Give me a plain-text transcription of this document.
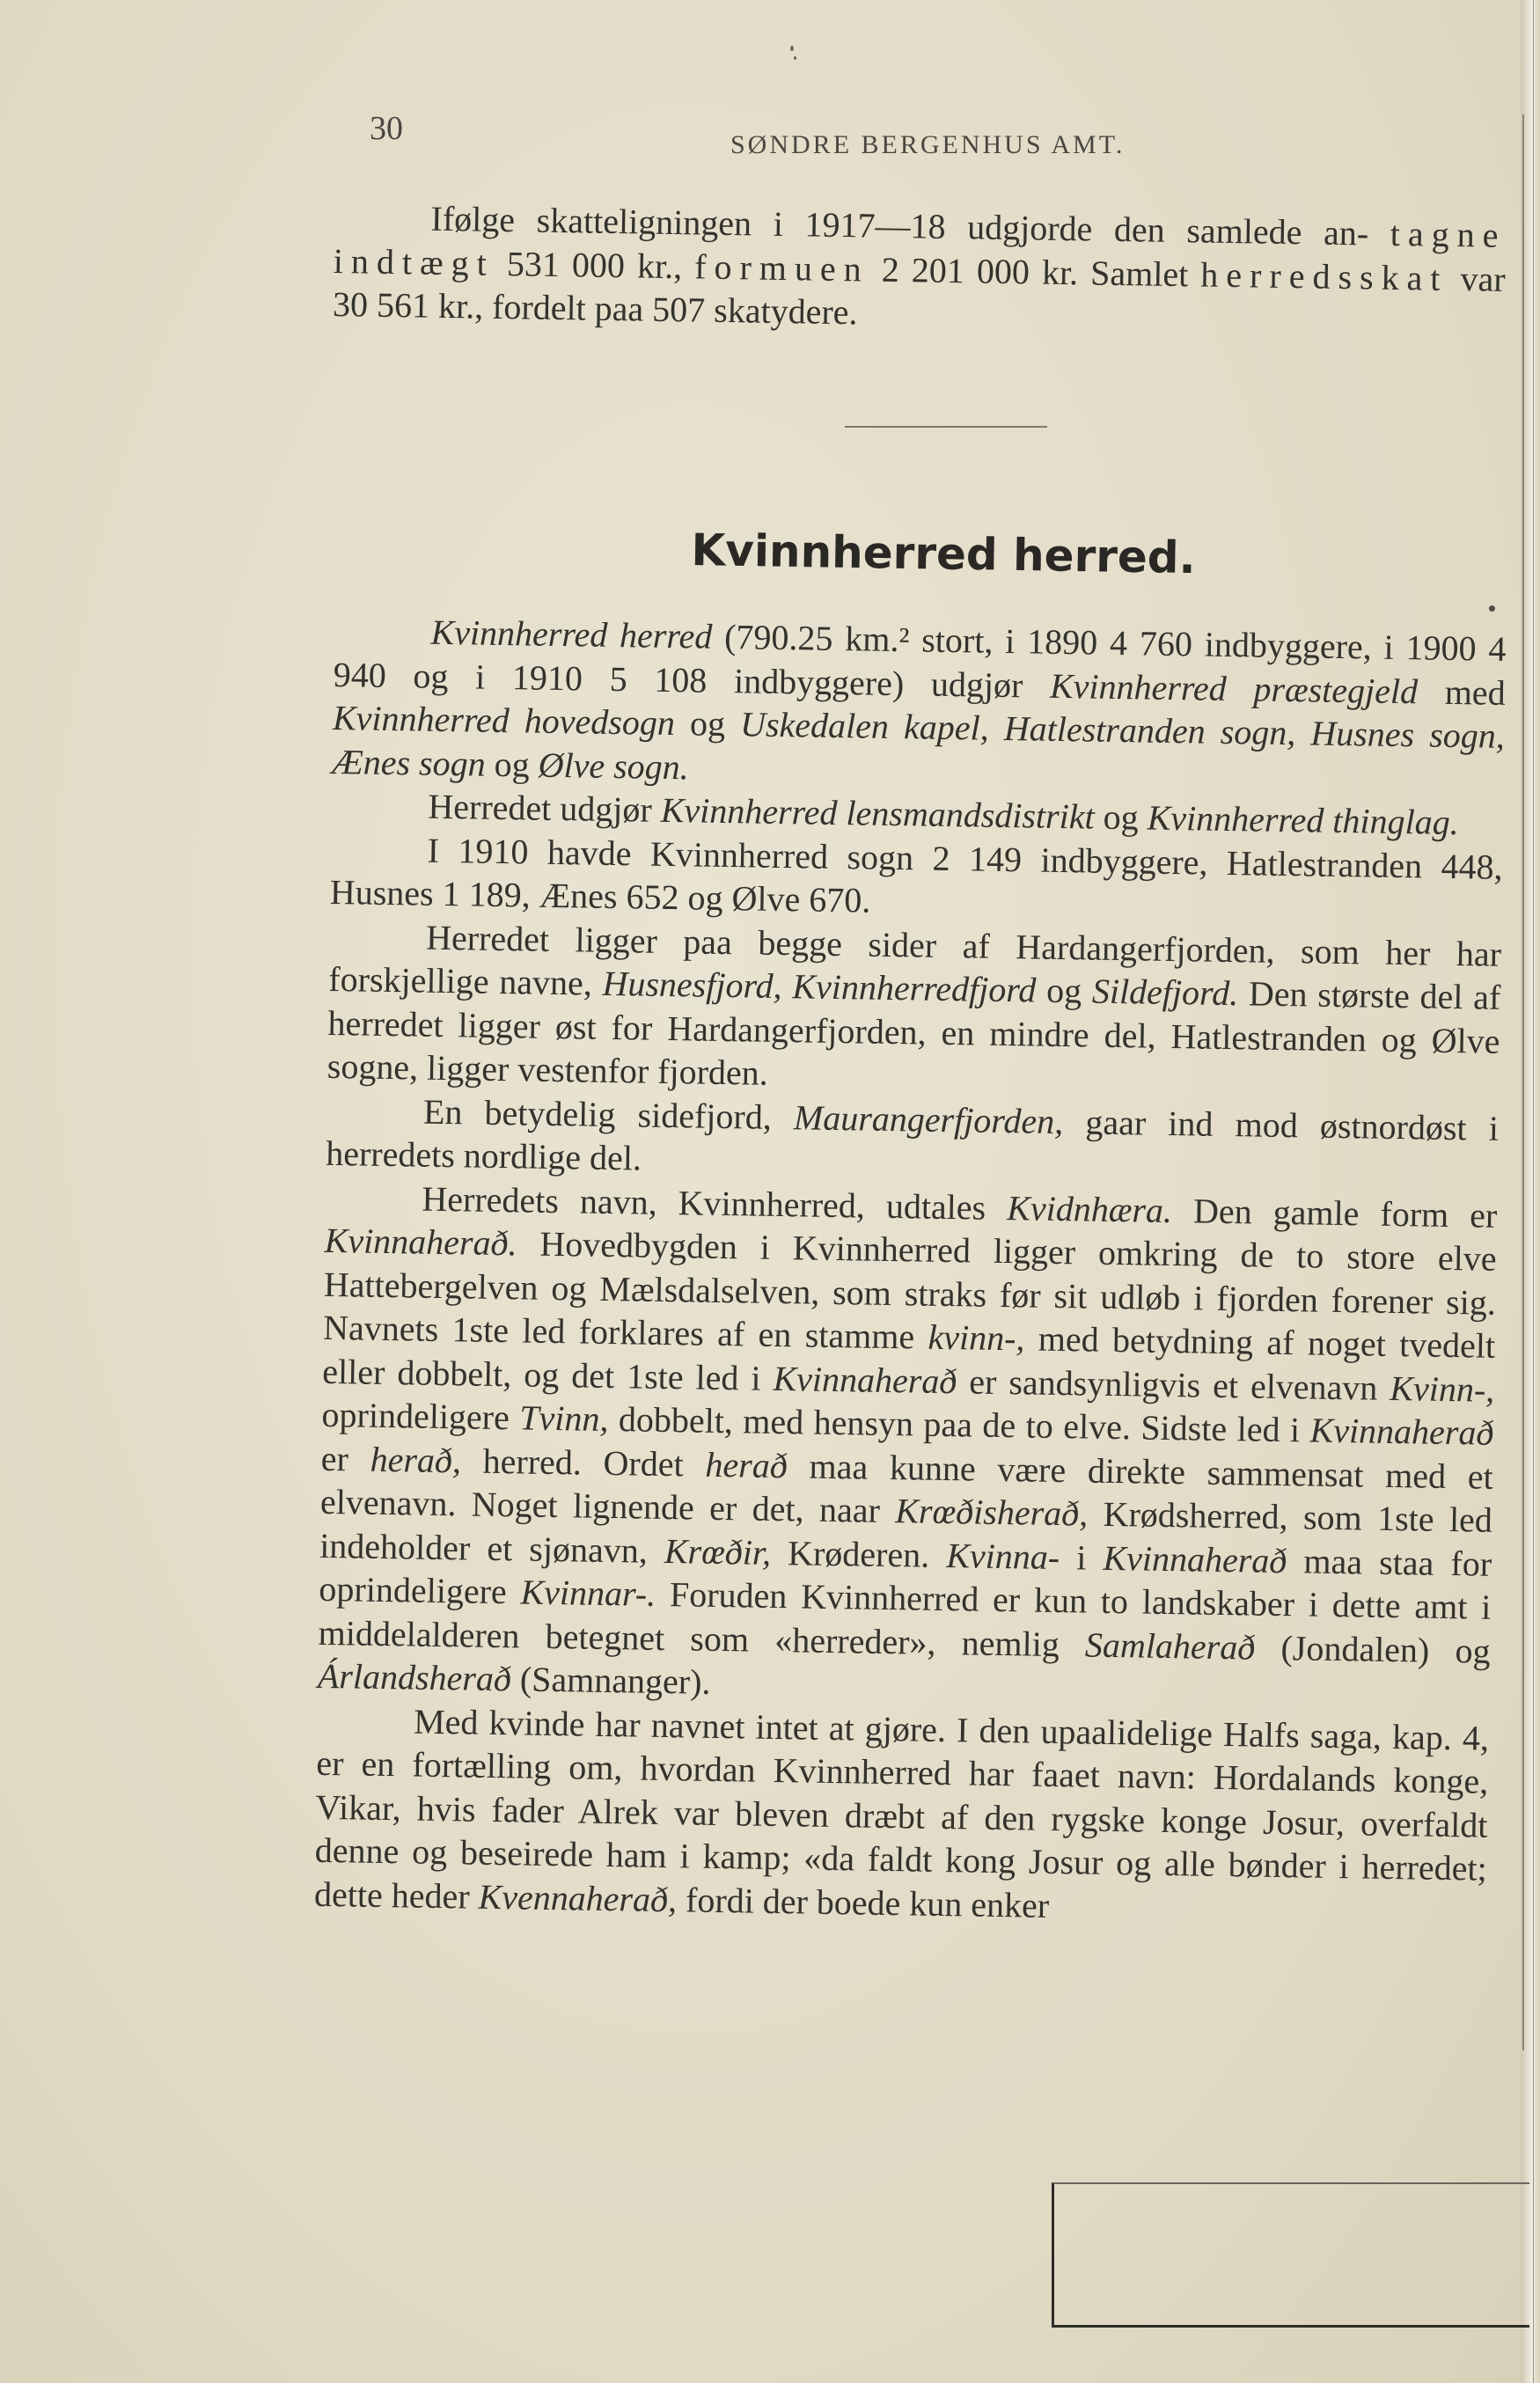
30	SØNDRE BERGENHUS AMT.

Ifølge skatteligningen i 1917—18 udgjorde den samlede an- tagne indtægt 531 000 kr., formuen 2 201 000 kr. Samlet herredsskat var 30 561 kr., fordelt paa 507 skatydere.

Kvinnherred herred.

Kvinnherred herred (790.25 km.² stort, i 1890 4 760 indbyggere, i 1900 4 940 og i 1910 5 108 indbyggere) udgjør Kvinnherred præstegjeld med Kvinnherred hovedsogn og Uskedalen kapel, Hatlestranden sogn, Husnes sogn, Ænes sogn og Ølve sogn.

Herredet udgjør Kvinnherred lensmandsdistrikt og Kvinnherred thinglag.

I 1910 havde Kvinnherred sogn 2 149 indbyggere, Hatlestranden 448, Husnes 1 189, Ænes 652 og Ølve 670.

Herredet ligger paa begge sider af Hardangerfjorden, som her har forskjellige navne, Husnesfjord, Kvinnherredfjord og Sildefjord. Den største del af herredet ligger øst for Hardangerfjorden, en mindre del, Hatlestranden og Ølve sogne, ligger vestenfor fjorden.

En betydelig sidefjord, Maurangerfjorden, gaar ind mod østnordøst i herredets nordlige del.

Herredets navn, Kvinnherred, udtales Kvidnhæra. Den gamle form er Kvinnaherað. Hovedbygden i Kvinnherred ligger omkring de to store elve Hattebergelven og Mælsdalselven, som straks før sit udløb i fjorden forener sig. Navnets 1ste led forklares af en stamme kvinn-, med betydning af noget tvedelt eller dobbelt, og det 1ste led i Kvinnaherað er sandsynligvis et elvenavn Kvinn-, oprindeligere Tvinn, dobbelt, med hensyn paa de to elve. Sidste led i Kvinnaherað er herað, herred. Ordet herað maa kunne være direkte sammensat med et elvenavn. Noget lignende er det, naar Krœðisherað, Krødsherred, som 1ste led indeholder et sjønavn, Krœðir, Krøderen. Kvinna- i Kvinnaherað maa staa for oprindeligere Kvinnar-. Foruden Kvinnherred er kun to landskaber i dette amt i middelalderen betegnet som «herreder», nemlig Samlaherað (Jondalen) og Árlandsherað (Samnanger).

Med kvinde har navnet intet at gjøre. I den upaalidelige Halfs saga, kap. 4, er en fortælling om, hvordan Kvinnherred har faaet navn: Hordalands konge, Vikar, hvis fader Alrek var bleven dræbt af den rygske konge Josur, overfaldt denne og beseirede ham i kamp; «da faldt kong Josur og alle bønder i herredet; dette heder Kvennaherað, fordi der boede kun enker
